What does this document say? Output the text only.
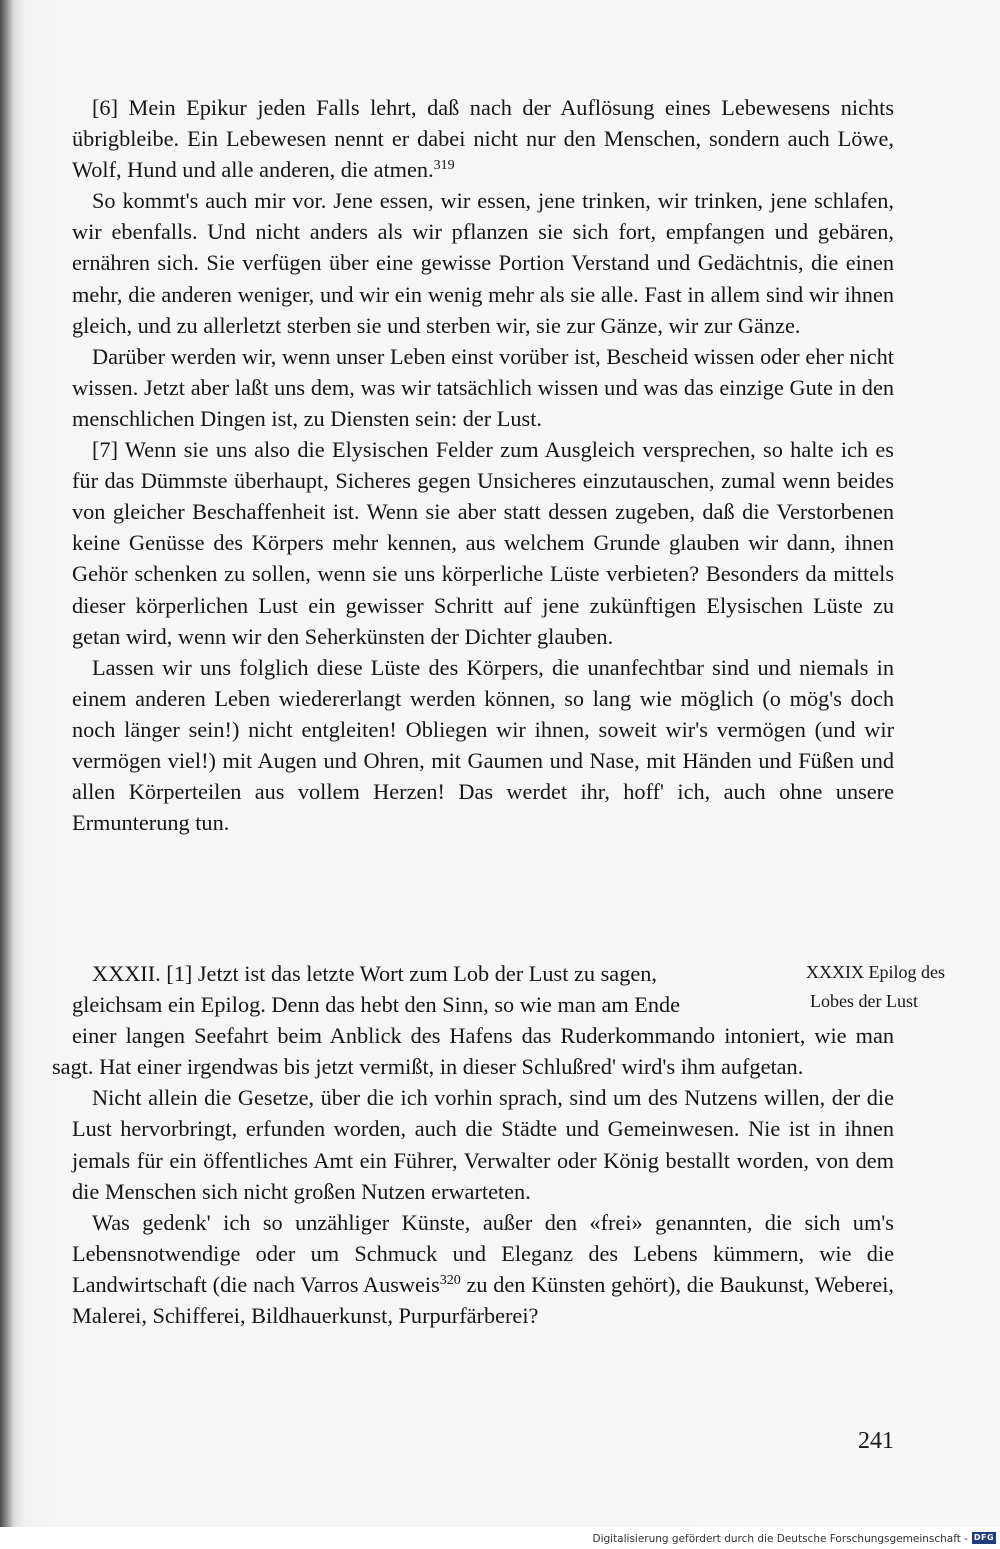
[6] Mein Epikur jeden Falls lehrt, daß nach der Auflösung eines Lebewesens nichts übrigbleibe. Ein Lebewesen nennt er dabei nicht nur den Menschen, sondern auch Löwe, Wolf, Hund und alle anderen, die atmen.$^{319}$

So kommt's auch mir vor. Jene essen, wir essen, jene trinken, wir trinken, jene schlafen, wir ebenfalls. Und nicht anders als wir pflanzen sie sich fort, empfangen und gebären, ernähren sich. Sie verfügen über eine gewisse Portion Verstand und Gedächtnis, die einen mehr, die anderen weniger, und wir ein wenig mehr als sie alle. Fast in allem sind wir ihnen gleich, und zu allerletzt sterben sie und sterben wir, sie zur Gänze, wir zur Gänze.

Darüber werden wir, wenn unser Leben einst vorüber ist, Bescheid wissen oder eher nicht wissen. Jetzt aber laßt uns dem, was wir tatsächlich wissen und was das einzige Gute in den menschlichen Dingen ist, zu Diensten sein: der Lust.

[7] Wenn sie uns also die Elysischen Felder zum Ausgleich versprechen, so halte ich es für das Dümmste überhaupt, Sicheres gegen Unsicheres einzutauschen, zumal wenn beides von gleicher Beschaffenheit ist. Wenn sie aber statt dessen zugeben, daß die Verstorbenen keine Genüsse des Körpers mehr kennen, aus welchem Grunde glauben wir dann, ihnen Gehör schenken zu sollen, wenn sie uns körperliche Lüste verbieten? Besonders da mittels dieser körperlichen Lust ein gewisser Schritt auf jene zukünftigen Elysischen Lüste zu getan wird, wenn wir den Seherkünsten der Dichter glauben.

Lassen wir uns folglich diese Lüste des Körpers, die unanfechtbar sind und niemals in einem anderen Leben wiedererlangt werden können, so lang wie möglich (o mög's doch noch länger sein!) nicht entgleiten! Obliegen wir ihnen, soweit wir's vermögen (und wir vermögen viel!) mit Augen und Ohren, mit Gaumen und Nase, mit Händen und Füßen und allen Körperteilen aus vollem Herzen! Das werdet ihr, hoff' ich, auch ohne unsere Ermunterung tun.

XXXII. [1] Jetzt ist das letzte Wort zum Lob der Lust zu sagen,
gleichsam ein Epilog. Denn das hebt den Sinn, so wie man am Ende
einer langen Seefahrt beim Anblick des Hafens das Ruderkommando intoniert, wie man sagt. Hat einer irgendwas bis jetzt vermißt, in dieser Schlußred' wird's ihm aufgetan.

Nicht allein die Gesetze, über die ich vorhin sprach, sind um des Nutzens willen, der die Lust hervorbringt, erfunden worden, auch die Städte und Gemeinwesen. Nie ist in ihnen jemals für ein öffentliches Amt ein Führer, Verwalter oder König bestallt worden, von dem die Menschen sich nicht großen Nutzen erwarteten.

Was gedenk' ich so unzähliger Künste, außer den «frei» genannten, die sich um's Lebensnotwendige oder um Schmuck und Eleganz des Lebens kümmern, wie die Landwirtschaft (die nach Varros Ausweis$^{320}$ zu den Künsten gehört), die Baukunst, Weberei, Malerei, Schifferei, Bildhauerkunst, Purpurfärberei?

XXXIX Epilog des
Lobes der Lust
241
Digitalisierung gefördert durch die Deutsche Forschungsgemeinschaft - DFG
